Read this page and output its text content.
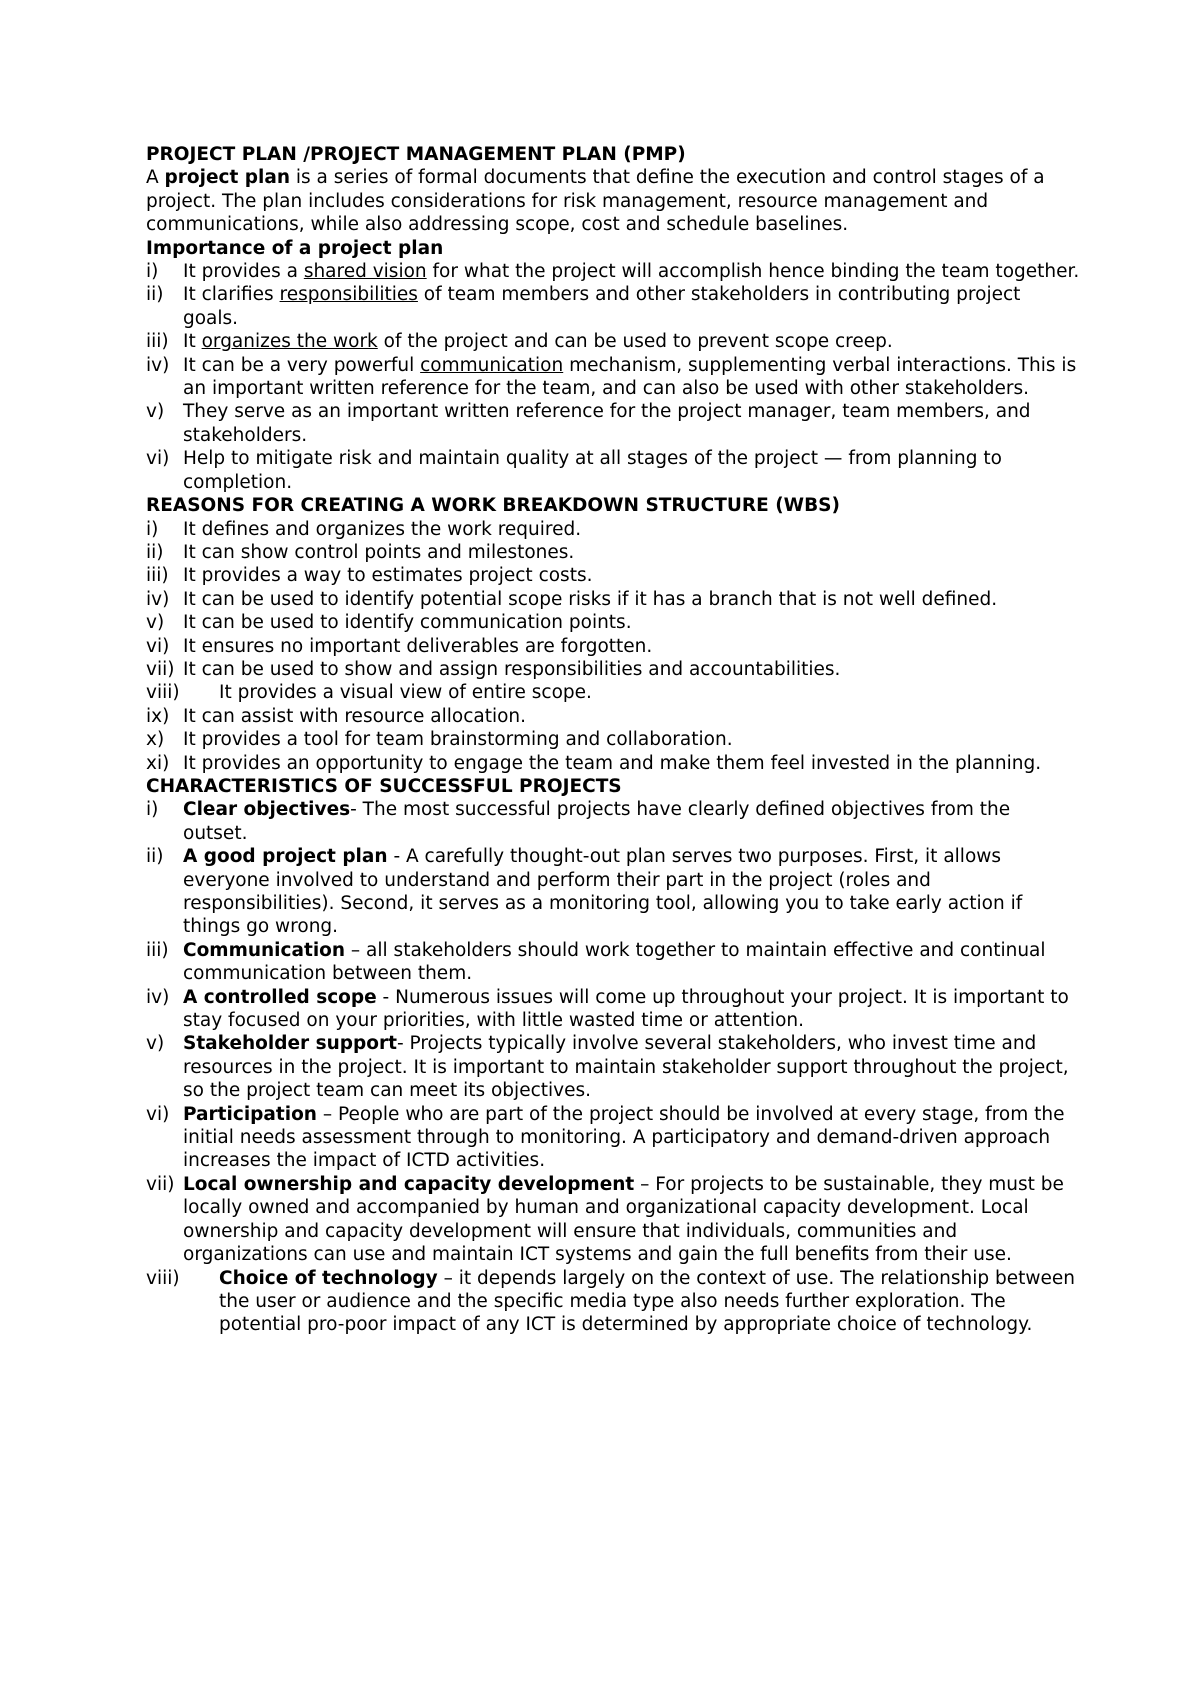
PROJECT PLAN /PROJECT MANAGEMENT PLAN (PMP)

A project plan is a series of formal documents that define the execution and control stages of a project. The plan includes considerations for risk management, resource management and communications, while also addressing scope, cost and schedule baselines.

Importance of a project plan

i)	It provides a shared vision for what the project will accomplish hence binding the team together.
ii)	It clarifies responsibilities of team members and other stakeholders in contributing project goals.
iii) It organizes the work of the project and can be used to prevent scope creep.
iv) It can be a very powerful communication mechanism, supplementing verbal interactions. This is an important written reference for the team, and can also be used with other stakeholders.
v)	They serve as an important written reference for the project manager, team members, and stakeholders.
vi) Help to mitigate risk and maintain quality at all stages of the project — from planning to completion.

REASONS FOR CREATING A WORK BREAKDOWN STRUCTURE (WBS)

i)	It defines and organizes the work required.
ii)	It can show control points and milestones.
iii) It provides a way to estimates project costs.
iv) It can be used to identify potential scope risks if it has a branch that is not well defined.
v)	It can be used to identify communication points.
vi) It ensures no important deliverables are forgotten.
vii) It can be used to show and assign responsibilities and accountabilities.
viii)	It provides a visual view of entire scope.
ix) It can assist with resource allocation.
x)	It provides a tool for team brainstorming and collaboration.
xi) It provides an opportunity to engage the team and make them feel invested in the planning.

CHARACTERISTICS OF SUCCESSFUL PROJECTS

i)	Clear objectives- The most successful projects have clearly defined objectives from the outset.
ii)	A good project plan - A carefully thought-out plan serves two purposes. First, it allows everyone involved to understand and perform their part in the project (roles and responsibilities). Second, it serves as a monitoring tool, allowing you to take early action if things go wrong.
iii) Communication – all stakeholders should work together to maintain effective and continual communication between them.
iv) A controlled scope - Numerous issues will come up throughout your project. It is important to stay focused on your priorities, with little wasted time or attention.
v)	Stakeholder support- Projects typically involve several stakeholders, who invest time and resources in the project. It is important to maintain stakeholder support throughout the project, so the project team can meet its objectives.
vi) Participation – People who are part of the project should be involved at every stage, from the initial needs assessment through to monitoring. A participatory and demand-driven approach increases the impact of ICTD activities.
vii) Local ownership and capacity development – For projects to be sustainable, they must be locally owned and accompanied by human and organizational capacity development. Local ownership and capacity development will ensure that individuals, communities and organizations can use and maintain ICT systems and gain the full benefits from their use.
viii)	Choice of technology – it depends largely on the context of use. The relationship between the user or audience and the specific media type also needs further exploration. The potential pro-poor impact of any ICT is determined by appropriate choice of technology.
